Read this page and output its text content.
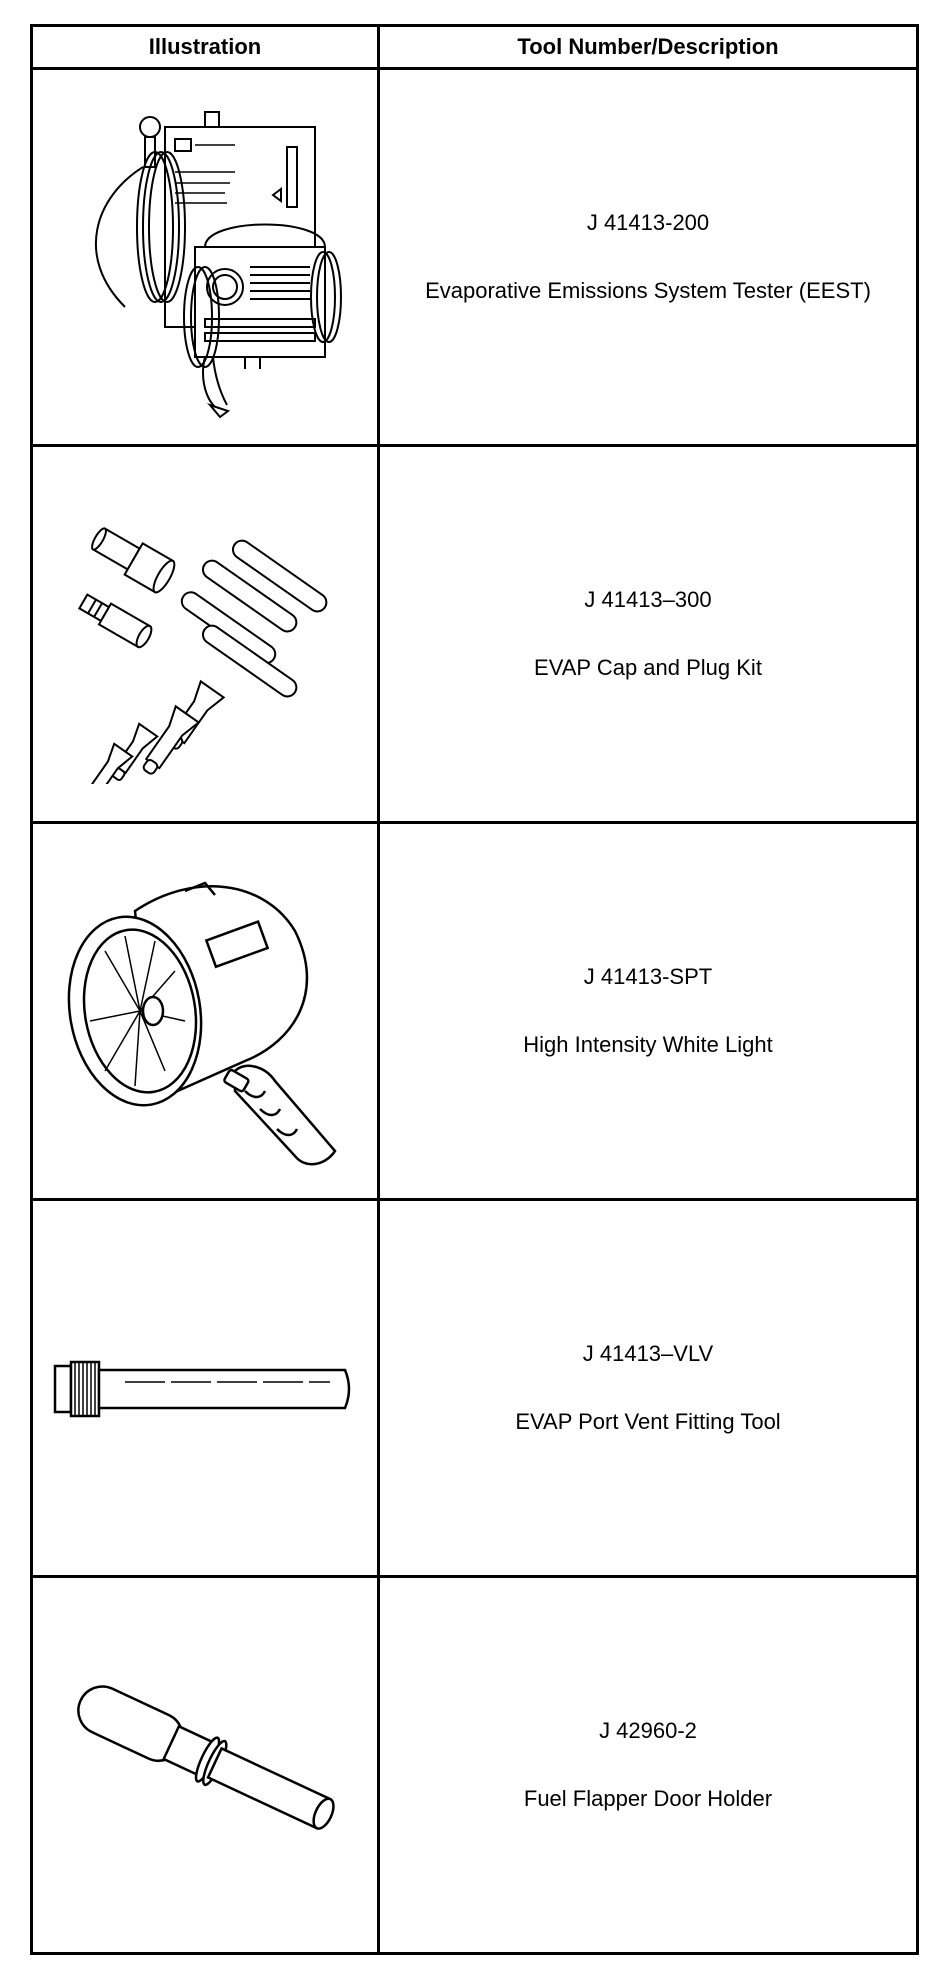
Illustration	Tool Number/Description

J 41413-200
Evaporative Emissions System Tester (EEST)

J 41413–300
EVAP Cap and Plug Kit

J 41413-SPT
High Intensity White Light

J 41413–VLV
EVAP Port Vent Fitting Tool

J 42960-2
Fuel Flapper Door Holder
